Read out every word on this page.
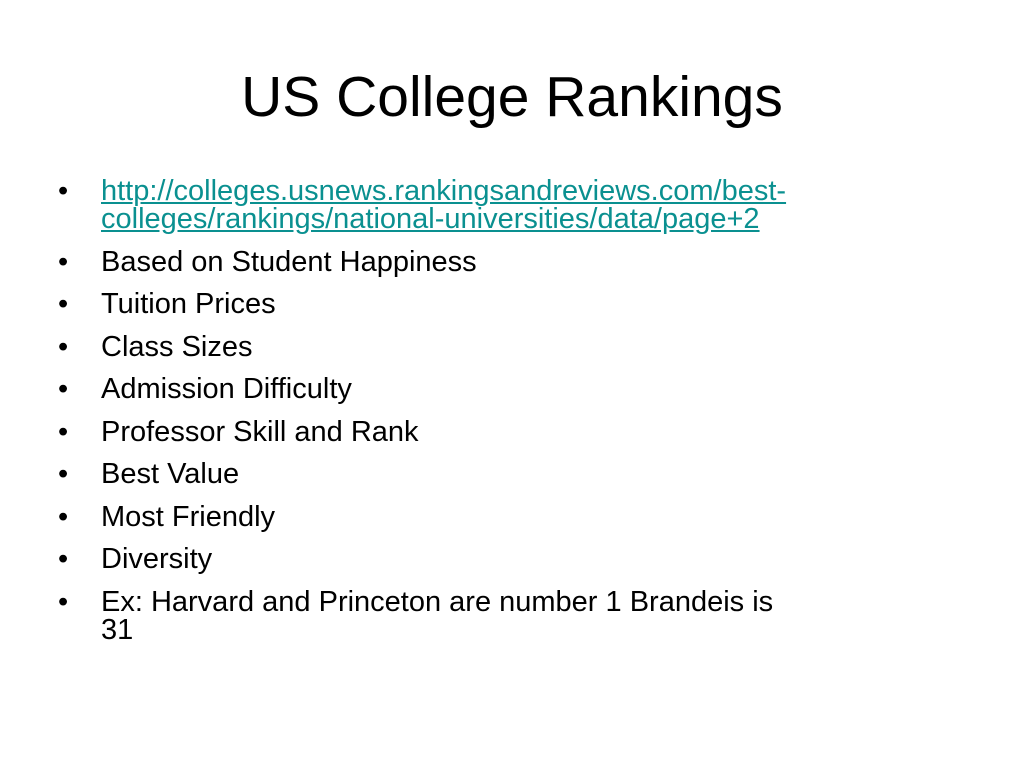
US College Rankings
•	http://colleges.usnews.rankingsandreviews.com/best-
colleges/rankings/national-universities/data/page+2
•	Based on Student Happiness
•	Tuition Prices
•	Class Sizes
•	Admission Difficulty
•	Professor Skill and Rank
•	Best Value
•	Most Friendly
•	Diversity
•	Ex: Harvard and Princeton are number 1 Brandeis is
31
